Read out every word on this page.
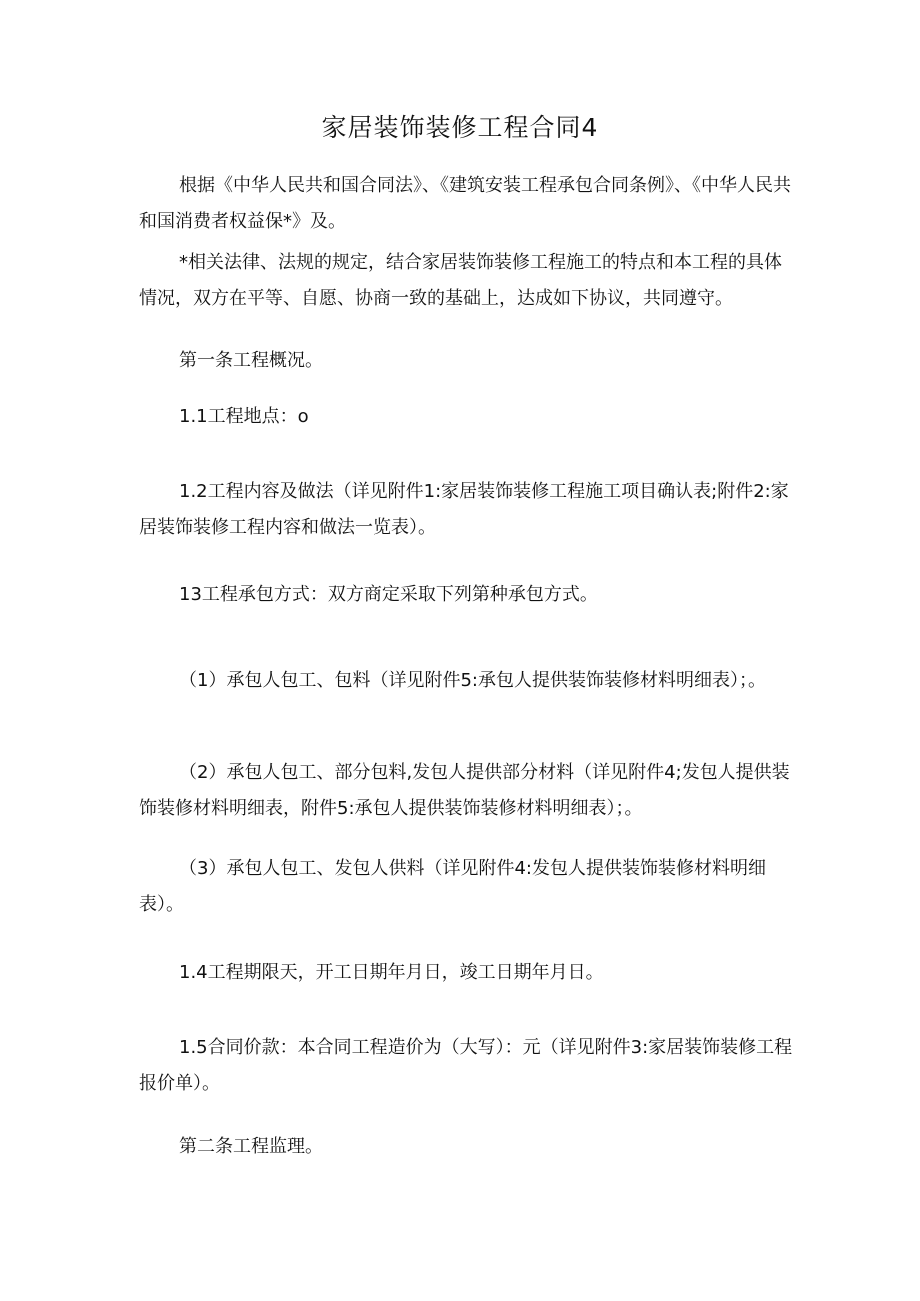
家居装饰装修工程合同4

根据《中华人民共和国合同法》、《建筑安装工程承包合同条例》、《中华人民共和国消费者权益保*》及。

*相关法律、法规的规定，结合家居装饰装修工程施工的特点和本工程的具体情况，双方在平等、自愿、协商一致的基础上，达成如下协议，共同遵守。

第一条工程概况。

1.1工程地点：o

1.2工程内容及做法（详见附件1:家居装饰装修工程施工项目确认表;附件2:家居装饰装修工程内容和做法一览表）。

13工程承包方式：双方商定采取下列第种承包方式。

（1）承包人包工、包料（详见附件5:承包人提供装饰装修材料明细表）；。

（2）承包人包工、部分包料,发包人提供部分材料（详见附件4;发包人提供装饰装修材料明细表，附件5:承包人提供装饰装修材料明细表）；。

（3）承包人包工、发包人供料（详见附件4:发包人提供装饰装修材料明细表）。

1.4工程期限天，开工日期年月日，竣工日期年月日。

1.5合同价款：本合同工程造价为（大写）：元（详见附件3:家居装饰装修工程报价单）。

第二条工程监理。
